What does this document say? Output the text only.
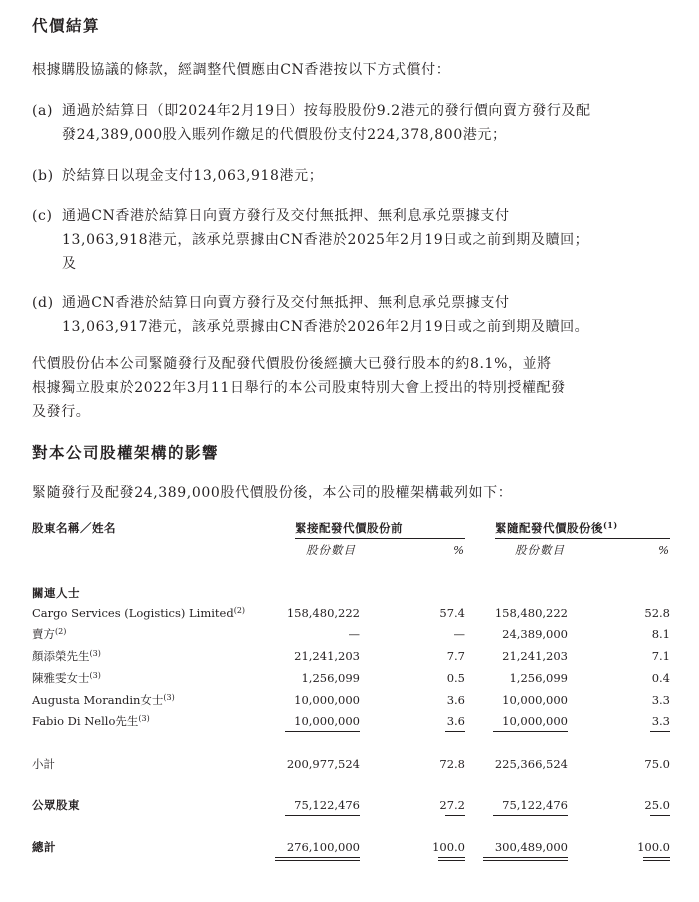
代價結算
根據購股協議的條款，經調整代價應由CN香港按以下方式償付：
(a) 通過於結算日（即2024年2月19日）按每股股份9.2港元的發行價向賣方發行及配
發24,389,000股入賬列作繳足的代價股份支付224,378,800港元；
(b) 於結算日以現金支付13,063,918港元；
(c) 通過CN香港於結算日向賣方發行及交付無抵押、無利息承兑票據支付
13,063,918港元，該承兑票據由CN香港於2025年2月19日或之前到期及贖回；
及
(d) 通過CN香港於結算日向賣方發行及交付無抵押、無利息承兑票據支付
13,063,917港元，該承兑票據由CN香港於2026年2月19日或之前到期及贖回。
代價股份佔本公司緊隨發行及配發代價股份後經擴大已發行股本的約8.1%，並將
根據獨立股東於2022年3月11日舉行的本公司股東特別大會上授出的特別授權配發
及發行。
對本公司股權架構的影響
緊隨發行及配發24,389,000股代價股份後，本公司的股權架構載列如下：
股東名稱／姓名	緊接配發代價股份前	緊隨配發代價股份後$^{(1)}$
股份數目	%	股份數目	%
關連人士
Cargo Services (Logistics) Limited$^{(2)}$	158,480,222	57.4	158,480,222	52.8
賣方$^{(2)}$	—	—	24,389,000	8.1
顏添榮先生$^{(3)}$	21,241,203	7.7	21,241,203	7.1
陳雅雯女士$^{(3)}$	1,256,099	0.5	1,256,099	0.4
Augusta Morandin女士$^{(3)}$	10,000,000	3.6	10,000,000	3.3
Fabio Di Nello先生$^{(3)}$	10,000,000	3.6	10,000,000	3.3
小計	200,977,524	72.8	225,366,524	75.0
公眾股東	75,122,476	27.2	75,122,476	25.0
總計	276,100,000	100.0	300,489,000	100.0
